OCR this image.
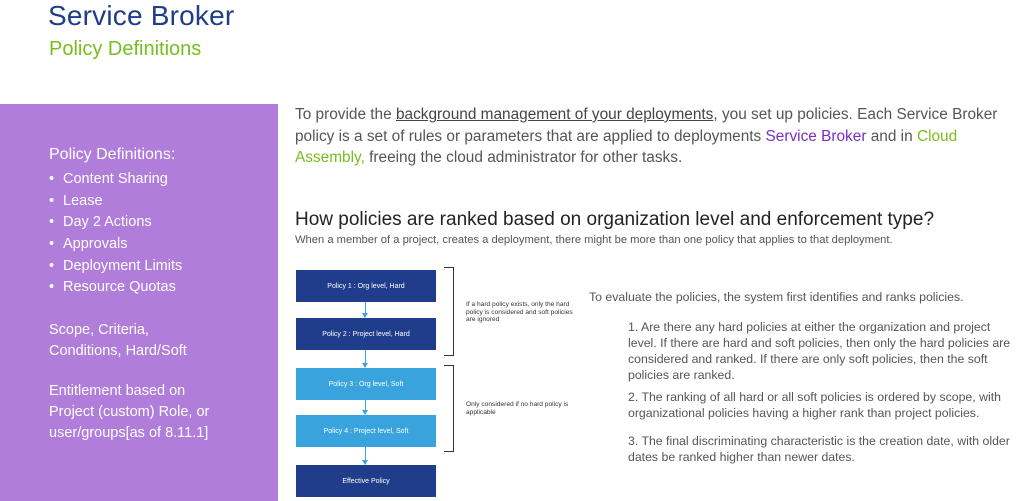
Service Broker
Policy Definitions
Policy Definitions:
• Content Sharing
• Lease
• Day 2 Actions
• Approvals
• Deployment Limits
• Resource Quotas
Scope, Criteria,
Conditions, Hard/Soft
Entitlement based on
Project (custom) Role, or
user/groups[as of 8.11.1]
To provide the background management of your deployments, you set up policies. Each Service Broker policy is a set of rules or parameters that are applied to deployments Service Broker and in Cloud Assembly, freeing the cloud administrator for other tasks.
How policies are ranked based on organization level and enforcement type?
When a member of a project, creates a deployment, there might be more than one policy that applies to that deployment.
Policy 1 : Org level, Hard
Policy 2 : Project level, Hard
Policy 3 : Org level, Soft
Policy 4 : Project level, Soft
Effective Policy
If a hard policy exists, only the hard policy is considered and soft policies are ignored
Only considered if no hard policy is applicable
To evaluate the policies, the system first identifies and ranks policies.
1. Are there any hard policies at either the organization and project level. If there are hard and soft policies, then only the hard policies are considered and ranked. If there are only soft policies, then the soft policies are ranked.
2. The ranking of all hard or all soft policies is ordered by scope, with organizational policies having a higher rank than project policies.
3. The final discriminating characteristic is the creation date, with older dates be ranked higher than newer dates.
